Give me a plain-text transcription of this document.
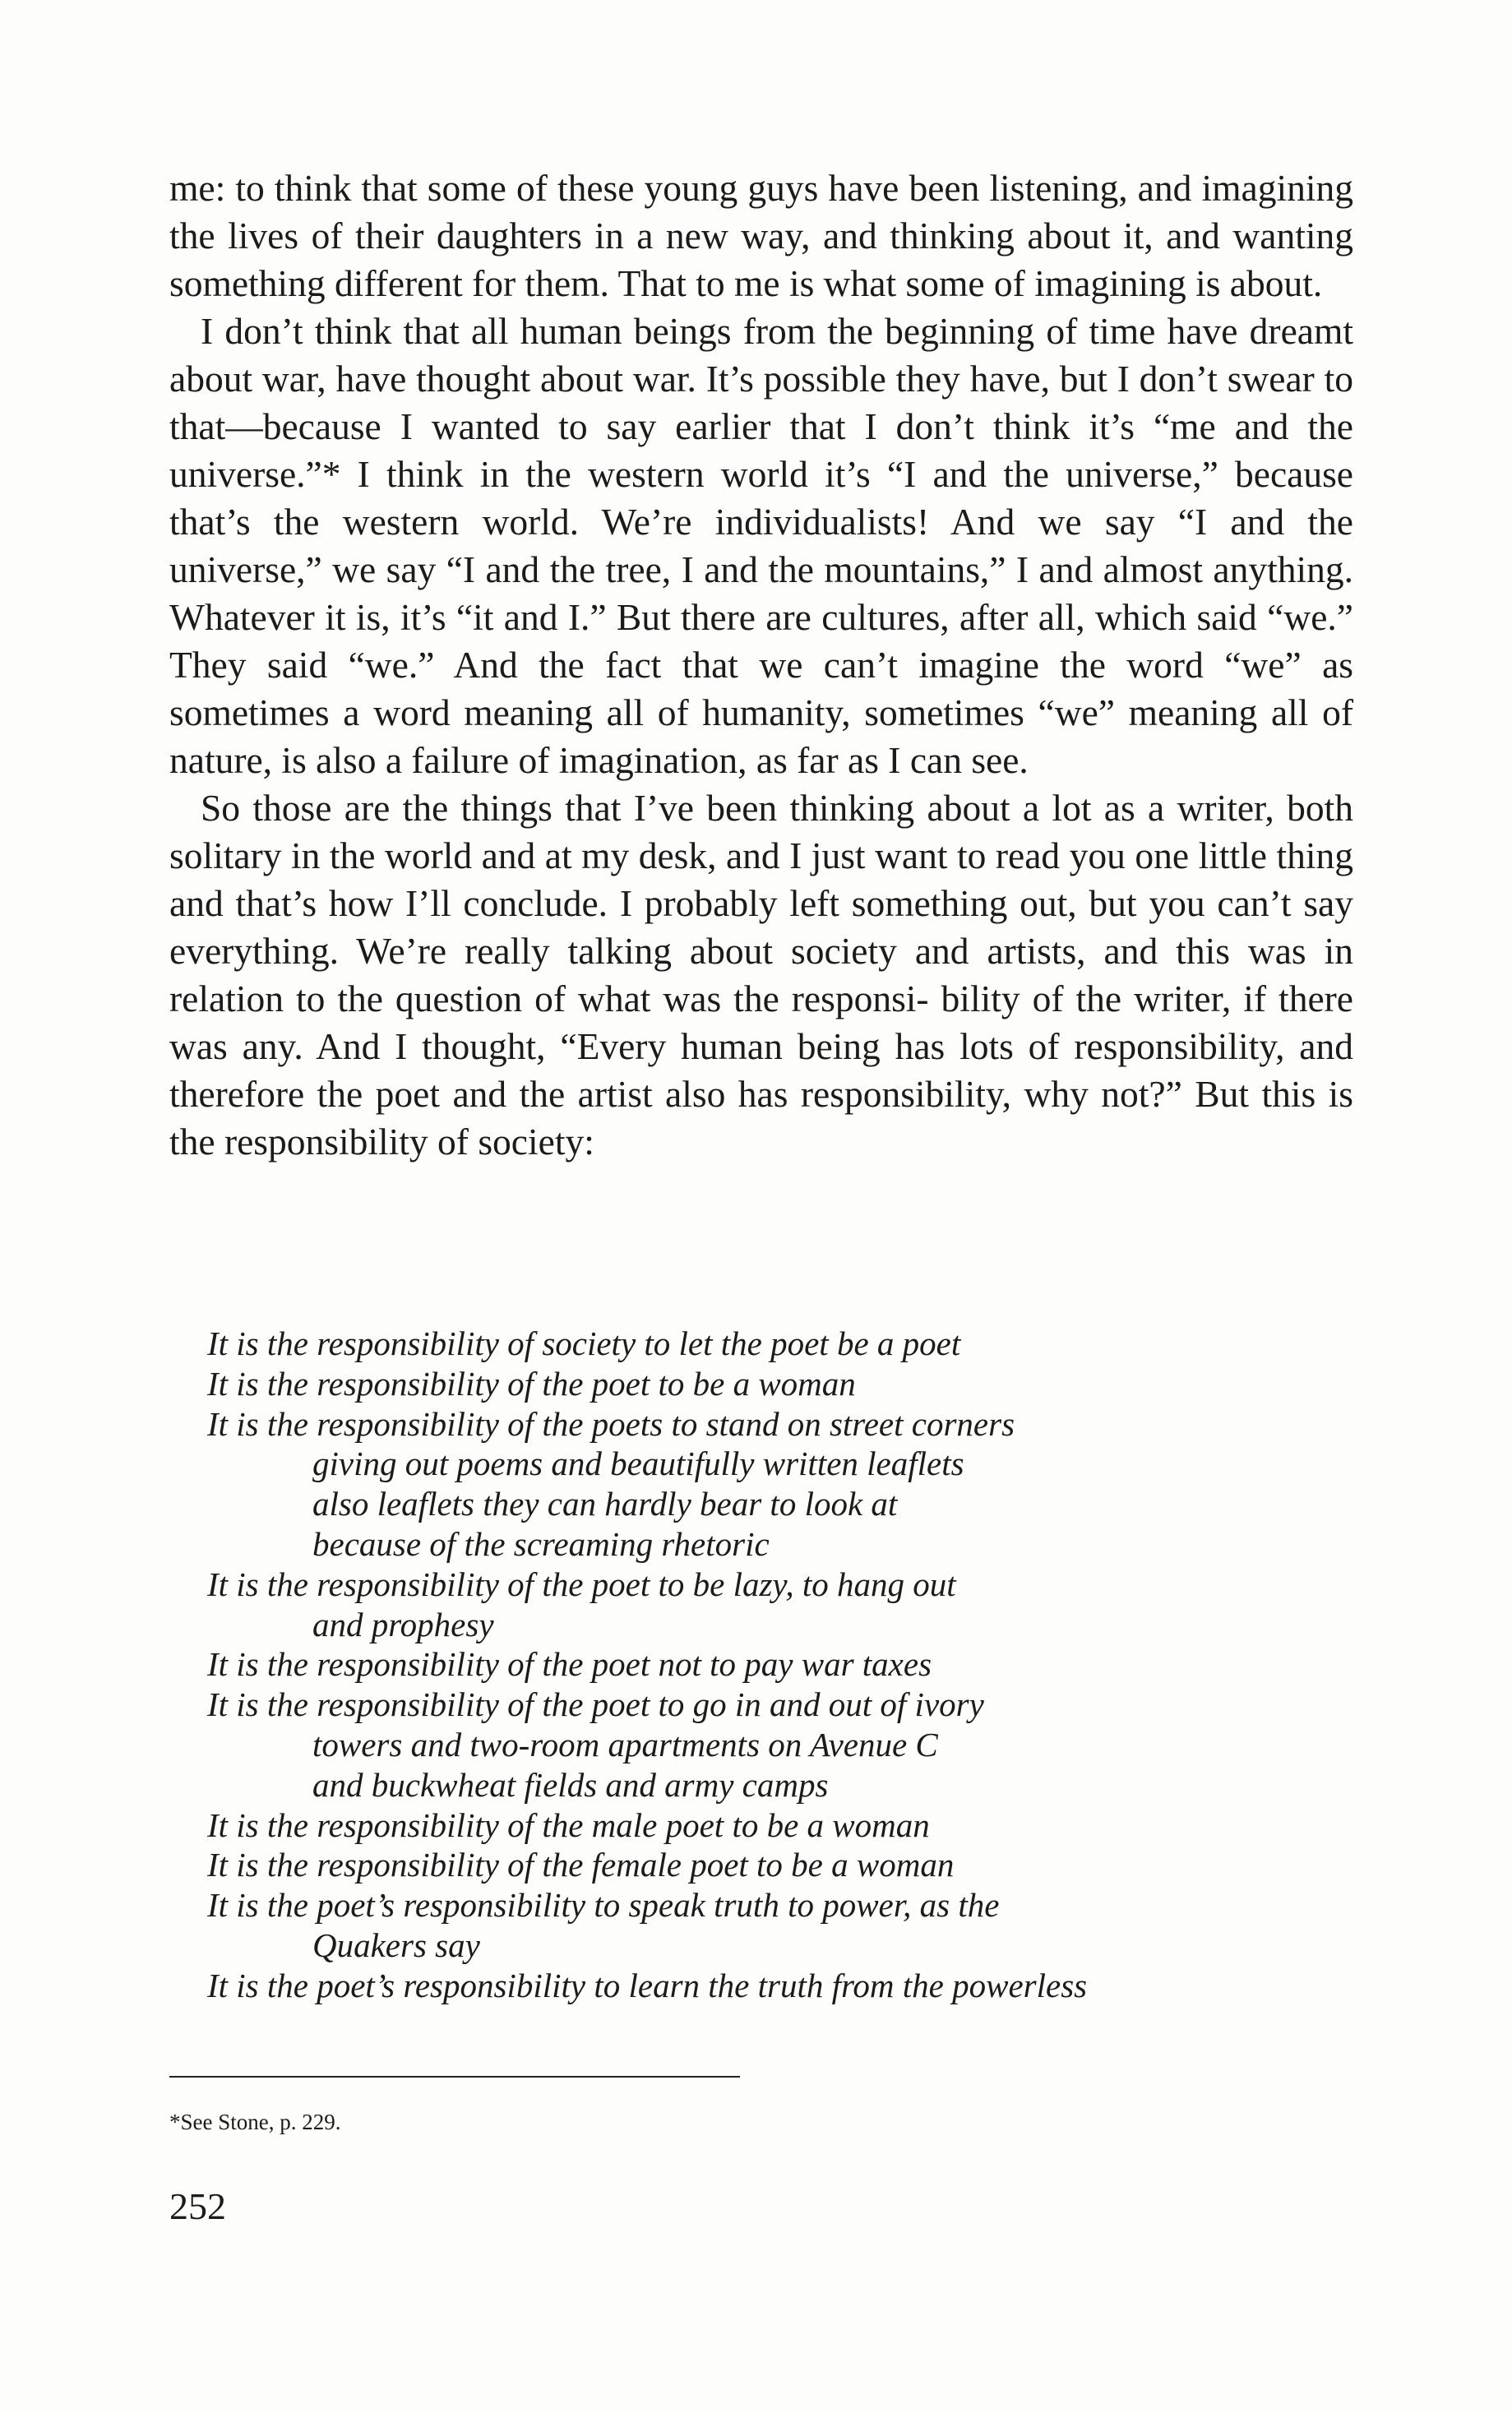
me: to think that some of these young guys have been listening, and imagining the lives of their daughters in a new way, and thinking about it, and wanting something different for them. That to me is what some of imagining is about.

I don’t think that all human beings from the beginning of time have dreamt about war, have thought about war. It’s possible they have, but I don’t swear to that—because I wanted to say earlier that I don’t think it’s “me and the universe.”* I think in the western world it’s “I and the universe,” because that’s the western world. We’re individualists! And we say “I and the universe,” we say “I and the tree, I and the mountains,” I and almost anything. Whatever it is, it’s “it and I.” But there are cultures, after all, which said “we.” They said “we.” And the fact that we can’t imagine the word “we” as sometimes a word meaning all of humanity, sometimes “we” meaning all of nature, is also a failure of imagination, as far as I can see.

So those are the things that I’ve been thinking about a lot as a writer, both solitary in the world and at my desk, and I just want to read you one little thing and that’s how I’ll conclude. I probably left something out, but you can’t say everything. We’re really talking about society and artists, and this was in relation to the question of what was the responsi- bility of the writer, if there was any. And I thought, “Every human being has lots of responsibility, and therefore the poet and the artist also has responsibility, why not?” But this is the responsibility of society:

It is the responsibility of society to let the poet be a poet
It is the responsibility of the poet to be a woman
It is the responsibility of the poets to stand on street corners
giving out poems and beautifully written leaflets
also leaflets they can hardly bear to look at
because of the screaming rhetoric
It is the responsibility of the poet to be lazy, to hang out
and prophesy
It is the responsibility of the poet not to pay war taxes
It is the responsibility of the poet to go in and out of ivory
towers and two-room apartments on Avenue C
and buckwheat fields and army camps
It is the responsibility of the male poet to be a woman
It is the responsibility of the female poet to be a woman
It is the poet’s responsibility to speak truth to power, as the
Quakers say
It is the poet’s responsibility to learn the truth from the powerless
*See Stone, p. 229.
252
